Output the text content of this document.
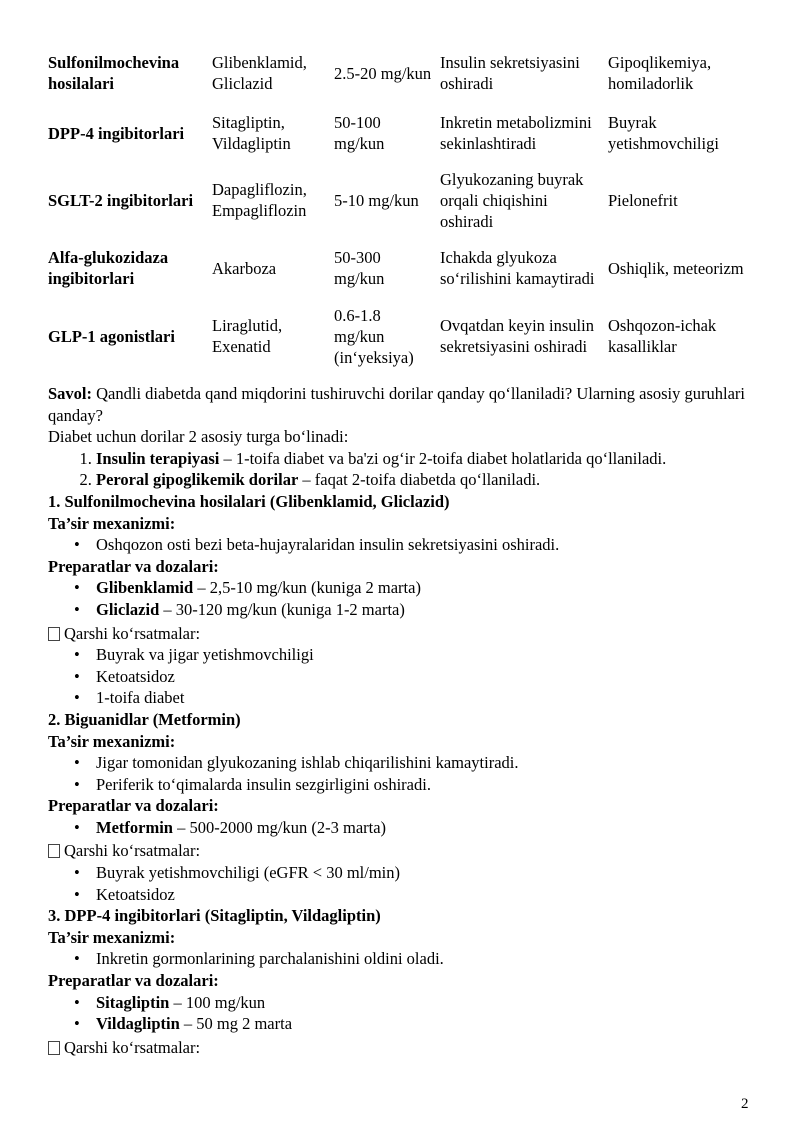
Sulfonilmochevina hosilalari	Glibenklamid, Gliclazid	2.5-20 mg/kun	Insulin sekretsiyasini oshiradi	Gipoqlikemiya, homiladorlik
DPP-4 ingibitorlari	Sitagliptin, Vildagliptin	50-100 mg/kun	Inkretin metabolizmini sekinlashtiradi	Buyrak yetishmovchiligi
SGLT-2 ingibitorlari	Dapagliflozin, Empagliflozin	5-10 mg/kun	Glyukozaning buyrak orqali chiqishini oshiradi	Pielonefrit
Alfa-glukozidaza ingibitorlari	Akarboza	50-300 mg/kun	Ichakda glyukoza so‘rilishini kamaytiradi	Oshiqlik, meteorizm
GLP-1 agonistlari	Liraglutid, Exenatid	0.6-1.8 mg/kun (in‘yeksiya)	Ovqatdan keyin insulin sekretsiyasini oshiradi	Oshqozon-ichak kasalliklar

Savol: Qandli diabetda qand miqdorini tushiruvchi dorilar qanday qo‘llaniladi? Ularning asosiy guruhlari qanday?

Diabet uchun dorilar 2 asosiy turga bo‘linadi:

1. Insulin terapiyasi – 1-toifa diabet va ba'zi og‘ir 2-toifa diabet holatlarida qo‘llaniladi.
2. Peroral gipoglikemik dorilar – faqat 2-toifa diabetda qo‘llaniladi.

1. Sulfonilmochevina hosilalari (Glibenklamid, Gliclazid)

Ta’sir mexanizmi:

• Oshqozon osti bezi beta-hujayralaridan insulin sekretsiyasini oshiradi.

Preparatlar va dozalari:

• Glibenklamid – 2,5-10 mg/kun (kuniga 2 marta)
• Gliclazid – 30-120 mg/kun (kuniga 1-2 marta)

Qarshi ko‘rsatmalar:

• Buyrak va jigar yetishmovchiligi
• Ketoatsidoz
• 1-toifa diabet

2. Biguanidlar (Metformin)

Ta’sir mexanizmi:

• Jigar tomonidan glyukozaning ishlab chiqarilishini kamaytiradi.
• Periferik to‘qimalarda insulin sezgirligini oshiradi.

Preparatlar va dozalari:

• Metformin – 500-2000 mg/kun (2-3 marta)

Qarshi ko‘rsatmalar:

• Buyrak yetishmovchiligi (eGFR < 30 ml/min)
• Ketoatsidoz

3. DPP-4 ingibitorlari (Sitagliptin, Vildagliptin)

Ta’sir mexanizmi:

• Inkretin gormonlarining parchalanishini oldini oladi.

Preparatlar va dozalari:

• Sitagliptin – 100 mg/kun
• Vildagliptin – 50 mg 2 marta

Qarshi ko‘rsatmalar:

2
